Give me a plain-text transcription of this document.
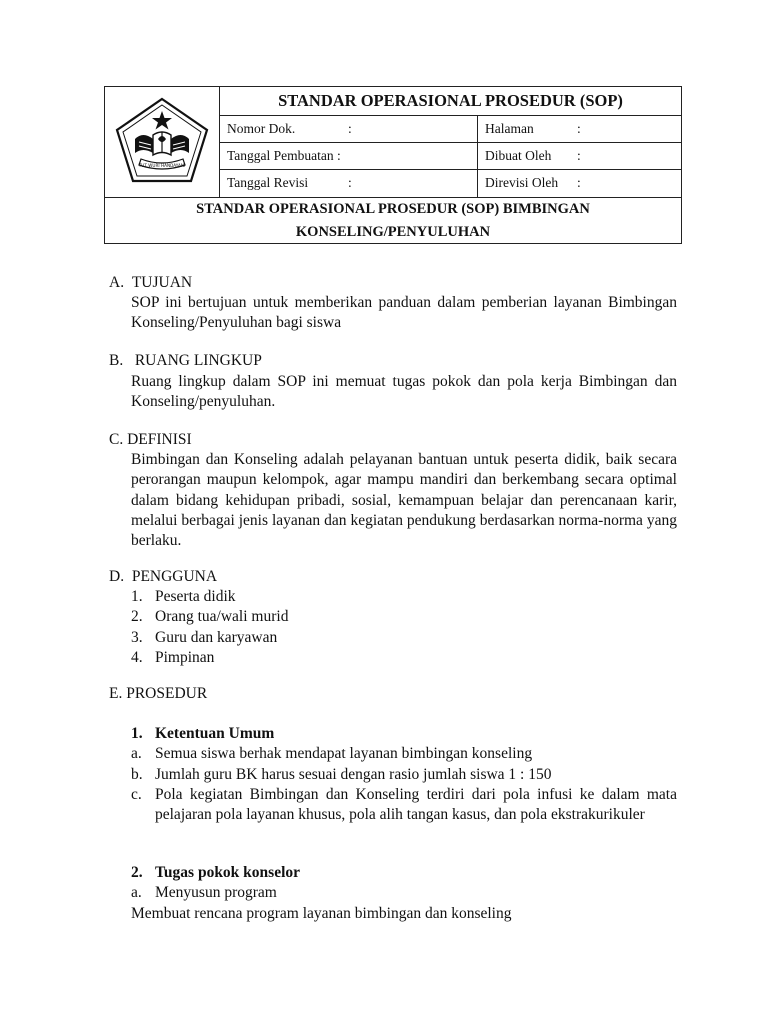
TUT WURI HANDAYANI
STANDAR OPERASIONAL PROSEDUR (SOP)
Nomor Dok.	:	Halaman	:
Tanggal Pembuatan :	Dibuat Oleh :
Tanggal Revisi	:	Direvisi Oleh :
STANDAR OPERASIONAL PROSEDUR (SOP) BIMBINGAN
KONSELING/PENYULUHAN
A.  TUJUAN
SOP ini bertujuan untuk memberikan panduan dalam pemberian layanan Bimbingan Konseling/Penyuluhan bagi siswa
B.   RUANG LINGKUP
Ruang lingkup dalam SOP ini memuat tugas pokok dan pola kerja Bimbingan dan Konseling/penyuluhan.
C. DEFINISI
Bimbingan dan Konseling adalah pelayanan bantuan untuk peserta didik, baik secara perorangan maupun kelompok, agar mampu mandiri dan berkembang secara optimal dalam bidang kehidupan pribadi, sosial, kemampuan belajar dan perencanaan karir, melalui berbagai jenis layanan dan kegiatan pendukung berdasarkan norma-norma yang berlaku.
D.  PENGGUNA
1. Peserta didik
2. Orang tua/wali murid
3. Guru dan karyawan
4. Pimpinan
E. PROSEDUR
1. Ketentuan Umum
a. Semua siswa berhak mendapat layanan bimbingan konseling
b. Jumlah guru BK harus sesuai dengan rasio jumlah siswa 1 : 150
c. Pola kegiatan Bimbingan dan Konseling terdiri dari pola infusi ke dalam mata pelajaran pola layanan khusus, pola alih tangan kasus, dan pola ekstrakurikuler
2. Tugas pokok konselor
a. Menyusun program
Membuat rencana program layanan bimbingan dan konseling
